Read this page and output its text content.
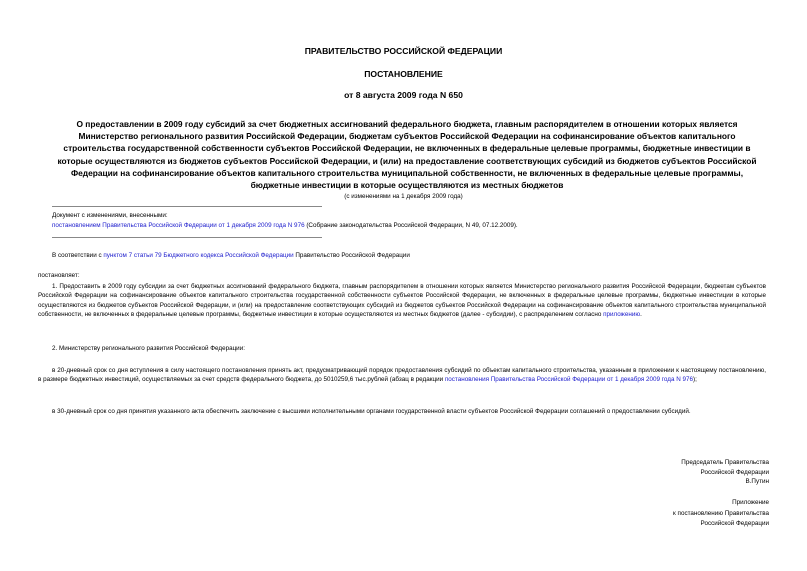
ПРАВИТЕЛЬСТВО РОССИЙСКОЙ ФЕДЕРАЦИИ
ПОСТАНОВЛЕНИЕ
от 8 августа 2009 года N 650
О предоставлении в 2009 году субсидий за счет бюджетных ассигнований федерального бюджета, главным распорядителем в отношении которых является Министерство регионального развития Российской Федерации, бюджетам субъектов Российской Федерации на софинансирование объектов капитального строительства государственной собственности субъектов Российской Федерации, не включенных в федеральные целевые программы, бюджетные инвестиции в которые осуществляются из бюджетов субъектов Российской Федерации, и (или) на предоставление соответствующих субсидий из бюджетов субъектов Российской Федерации на софинансирование объектов капитального строительства муниципальной собственности, не включенных в федеральные целевые программы, бюджетные инвестиции в которые осуществляются из местных бюджетов
(с изменениями на 1 декабря 2009 года)
Документ с изменениями, внесенными:
постановлением Правительства Российской Федерации от 1 декабря 2009 года N 976 (Собрание законодательства Российской Федерации, N 49, 07.12.2009).
В соответствии с пунктом 7 статьи 79 Бюджетного кодекса Российской Федерации Правительство Российской Федерации
постановляет:
1. Предоставить в 2009 году субсидии за счет бюджетных ассигнований федерального бюджета, главным распорядителем в отношении которых является Министерство регионального развития Российской Федерации, бюджетам субъектов Российской Федерации на софинансирование объектов капитального строительства государственной собственности субъектов Российской Федерации, не включенных в федеральные целевые программы, бюджетные инвестиции в которые осуществляются из бюджетов субъектов Российской Федерации, и (или) на предоставление соответствующих субсидий из бюджетов субъектов Российской Федерации на софинансирование объектов капитального строительства муниципальной собственности, не включенных в федеральные целевые программы, бюджетные инвестиции в которые осуществляются из местных бюджетов (далее - субсидии), с распределением согласно приложению.
2. Министерству регионального развития Российской Федерации:
в 20-дневный срок со дня вступления в силу настоящего постановления принять акт, предусматривающий порядок предоставления субсидий по объектам капитального строительства, указанным в приложении к настоящему постановлению, в размере бюджетных инвестиций, осуществляемых за счет средств федерального бюджета, до 5010259,6 тыс.рублей (абзац в редакции постановления Правительства Российской Федерации от 1 декабря 2009 года N 976);
в 30-дневный срок со дня принятия указанного акта обеспечить заключение с высшими исполнительными органами государственной власти субъектов Российской Федерации соглашений о предоставлении субсидий.
Председатель Правительства
Российской Федерации
В.Путин
Приложение
к постановлению Правительства
Российской Федерации
